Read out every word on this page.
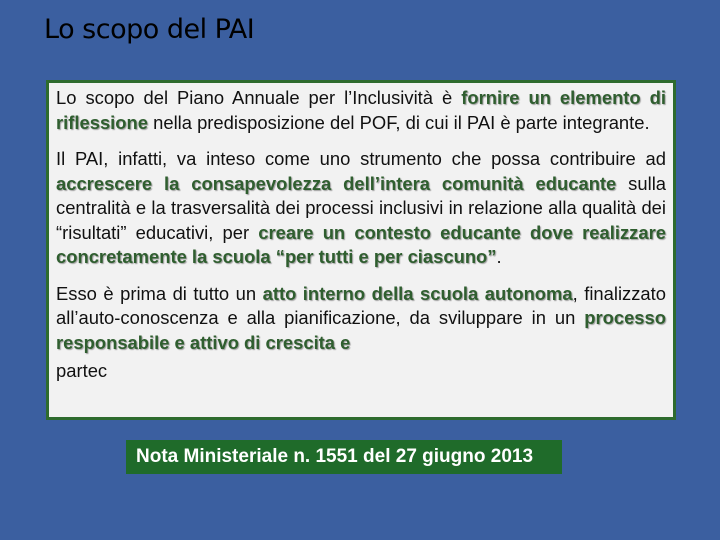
Lo scopo del PAI

Lo scopo del Piano Annuale per l’Inclusività è fornire un elemento di riflessione nella predisposizione del POF, di cui il PAI è parte integrante.

Il PAI, infatti, va inteso come uno strumento che possa contribuire ad accrescere la consapevolezza dell’intera comunità educante sulla centralità e la trasversalità dei processi inclusivi in relazione alla qualità dei “risultati” educativi, per creare un contesto educante dove realizzare concretamente la scuola “per tutti e per ciascuno”.

Esso è prima di tutto un atto interno della scuola autonoma, finalizzato all’auto-conoscenza e alla pianificazione, da sviluppare in un processo responsabile e attivo di crescita e

partec

Nota Ministeriale n. 1551 del 27 giugno 2013
